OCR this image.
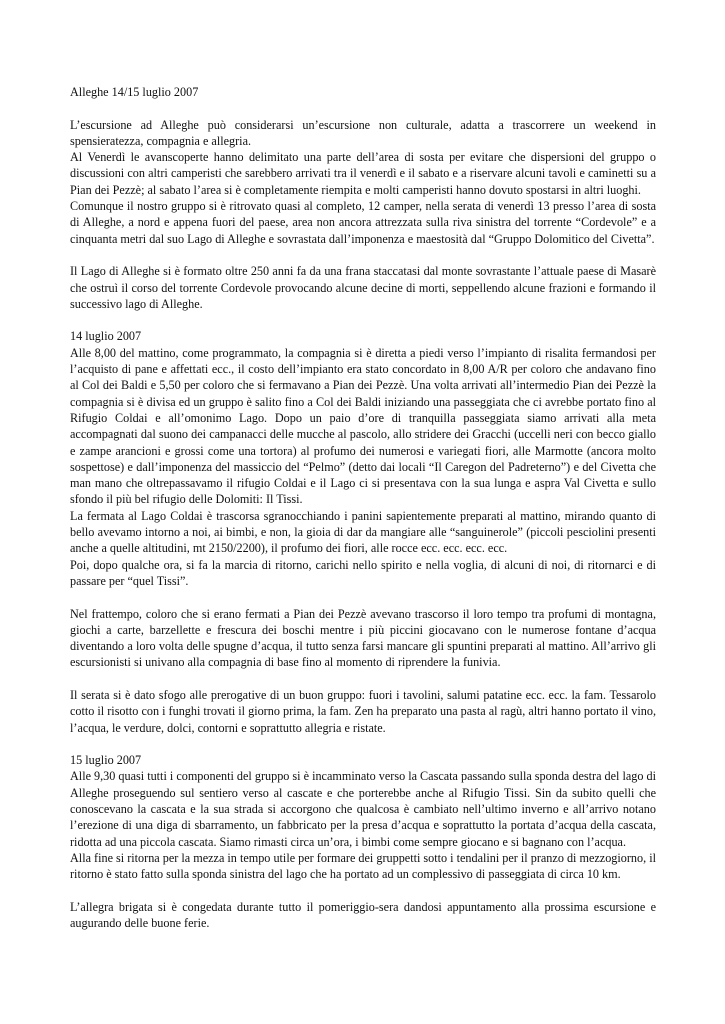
Alleghe 14/15 luglio 2007

L’escursione ad Alleghe può considerarsi un’escursione non culturale, adatta a trascorrere un weekend in spensieratezza, compagnia e allegria.

Al Venerdì le avanscoperte hanno delimitato una parte dell’area di sosta per evitare che dispersioni del gruppo o discussioni con altri camperisti che sarebbero arrivati tra il venerdì e il sabato e a riservare alcuni tavoli e caminetti su a Pian dei Pezzè; al sabato l’area si è completamente riempita e molti camperisti hanno dovuto spostarsi in altri luoghi.

Comunque il nostro gruppo si è ritrovato quasi al completo, 12 camper, nella serata di venerdì 13 presso l’area di sosta di Alleghe, a nord e appena fuori del paese, area non ancora attrezzata sulla riva sinistra del torrente “Cordevole” e a cinquanta metri dal suo Lago di Alleghe e sovrastata dall’imponenza e maestosità dal “Gruppo Dolomitico del Civetta”.

Il Lago di Alleghe si è formato oltre 250 anni fa da una frana staccatasi dal monte sovrastante l’attuale paese di Masarè che ostruì il corso del torrente Cordevole provocando alcune decine di morti, seppellendo alcune frazioni e formando il successivo lago di Alleghe.

14 luglio 2007

Alle 8,00 del mattino, come programmato, la compagnia si è diretta a piedi verso l’impianto di risalita fermandosi per l’acquisto di pane e affettati ecc., il costo dell’impianto era stato concordato in 8,00 A/R per coloro che andavano fino al Col dei Baldi e 5,50 per coloro che si fermavano a Pian dei Pezzè. Una volta arrivati all’intermedio Pian dei Pezzè la compagnia si è divisa ed un gruppo è salito fino a Col dei Baldi iniziando una passeggiata che ci avrebbe portato fino al Rifugio Coldai e all’omonimo Lago. Dopo un paio d’ore di tranquilla passeggiata siamo arrivati alla meta accompagnati dal suono dei campanacci delle mucche al pascolo, allo stridere dei Gracchi (uccelli neri con becco giallo e zampe arancioni e grossi come una tortora) al profumo dei numerosi e variegati fiori, alle Marmotte (ancora molto sospettose) e dall’imponenza del massiccio del “Pelmo” (detto dai locali “Il Caregon del Padreterno”) e del Civetta che man mano che oltrepassavamo il rifugio Coldai e il Lago ci si presentava con la sua lunga e aspra Val Civetta e sullo sfondo il più bel rifugio delle Dolomiti: Il Tissi.

La fermata al Lago Coldai è trascorsa sgranocchiando i panini sapientemente preparati al mattino, mirando quanto di bello avevamo intorno a noi, ai bimbi, e non, la gioia di dar da mangiare alle “sanguinerole” (piccoli pesciolini presenti anche a quelle altitudini, mt 2150/2200), il profumo dei fiori, alle rocce ecc. ecc. ecc. ecc.

Poi, dopo qualche ora, si fa la marcia di ritorno, carichi nello spirito e nella voglia, di alcuni di noi, di ritornarci e di passare per “quel Tissi”.

Nel frattempo, coloro che si erano fermati a Pian dei Pezzè avevano trascorso il loro tempo tra profumi di montagna, giochi a carte, barzellette e frescura dei boschi mentre i più piccini giocavano con le numerose fontane d’acqua diventando a loro volta delle spugne d’acqua, il tutto senza farsi mancare gli spuntini preparati al mattino. All’arrivo gli escursionisti si univano alla compagnia di base fino al momento di riprendere la funivia.

Il serata si è dato sfogo alle prerogative di un buon gruppo: fuori i tavolini, salumi patatine ecc. ecc. la fam. Tessarolo cotto il risotto con i funghi trovati il giorno prima, la fam. Zen ha preparato una pasta al ragù, altri hanno portato il vino, l’acqua, le verdure, dolci, contorni e soprattutto allegria e ristate.

15 luglio 2007

Alle 9,30 quasi tutti i componenti del gruppo si è incamminato verso la Cascata passando sulla sponda destra del lago di Alleghe proseguendo sul sentiero verso al cascate e che porterebbe anche al Rifugio Tissi. Sin da subito quelli che conoscevano la cascata e la sua strada si accorgono che qualcosa è cambiato nell’ultimo inverno e all’arrivo notano l’erezione di una diga di sbarramento, un fabbricato per la presa d’acqua e soprattutto la portata d’acqua della cascata, ridotta ad una piccola cascata. Siamo rimasti circa un’ora, i bimbi come sempre giocano e si bagnano con l’acqua.

Alla fine si ritorna per la mezza in tempo utile per formare dei gruppetti sotto i tendalini per il pranzo di mezzogiorno, il ritorno è stato fatto sulla sponda sinistra del lago che ha portato ad un complessivo di passeggiata di circa 10 km.

L’allegra brigata si è congedata durante tutto il pomeriggio-sera dandosi appuntamento alla prossima escursione e augurando delle buone ferie.
